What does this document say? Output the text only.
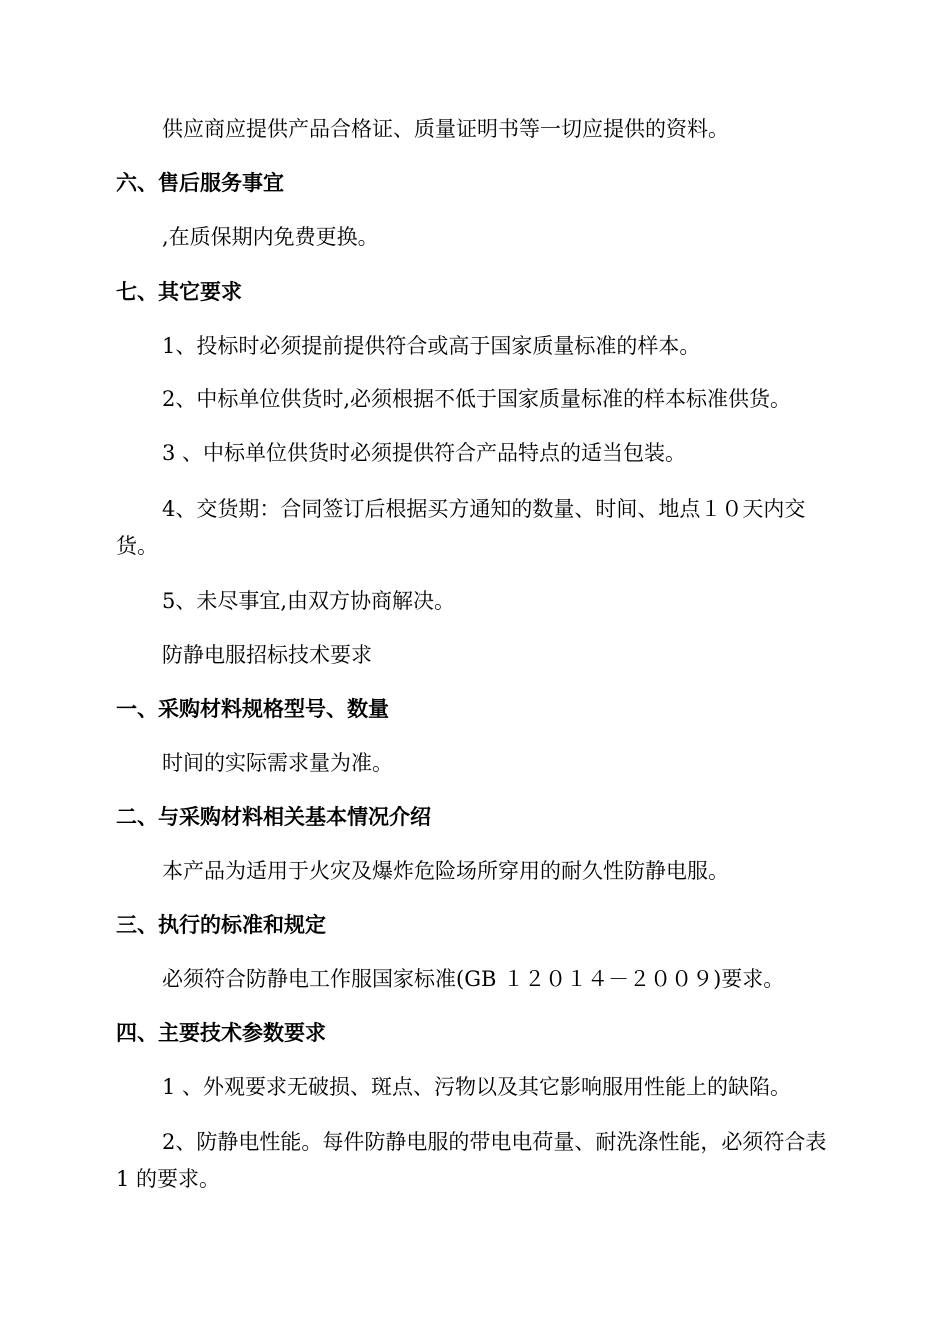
供应商应提供产品合格证、质量证明书等一切应提供的资料。
六、售后服务事宜
,在质保期内免费更换。
七、其它要求
1、投标时必须提前提供符合或高于国家质量标准的样本。
2、中标单位供货时,必须根据不低于国家质量标准的样本标准供货。
3 、中标单位供货时必须提供符合产品特点的适当包装。
4、交货期：合同签订后根据买方通知的数量、时间、地点１０天内交货。
5、未尽事宜,由双方协商解决。
防静电服招标技术要求
一、采购材料规格型号、数量
时间的实际需求量为准。
二、与采购材料相关基本情况介绍
本产品为适用于火灾及爆炸危险场所穿用的耐久性防静电服。
三、执行的标准和规定
必须符合防静电工作服国家标准(GB １２０１４－２００９)要求。
四、主要技术参数要求
1 、外观要求无破损、斑点、污物以及其它影响服用性能上的缺陷。
2、防静电性能。每件防静电服的带电电荷量、耐洗涤性能，必须符合表 1 的要求。
